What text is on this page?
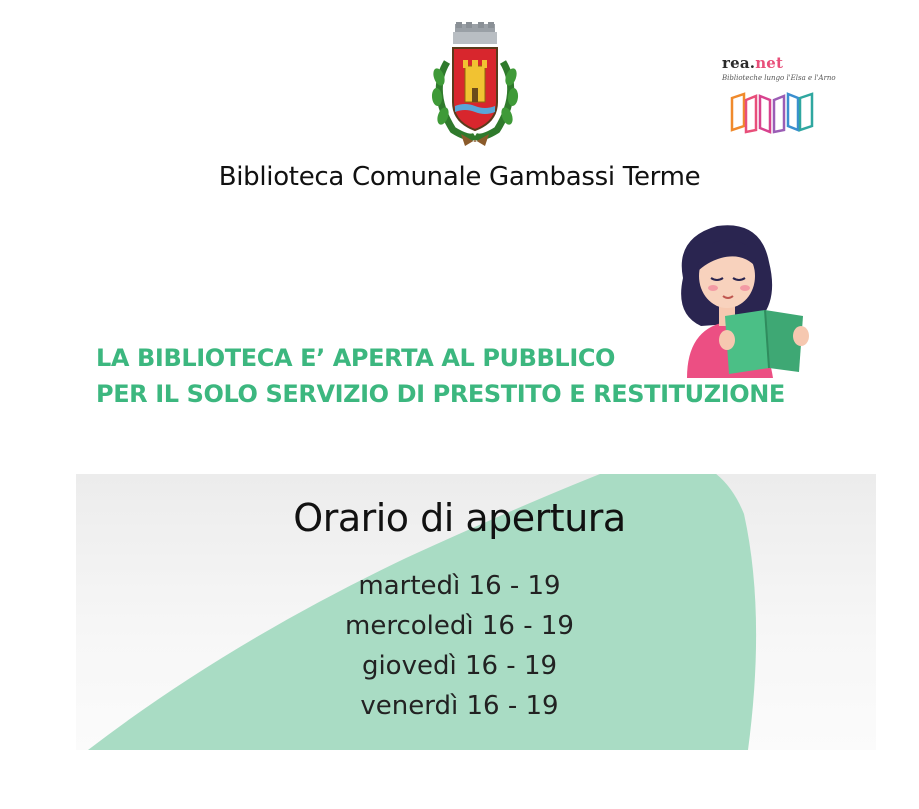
rea.net
Biblioteche lungo l'Elsa e l'Arno
Biblioteca Comunale Gambassi Terme
LA BIBLIOTECA E’ APERTA AL PUBBLICO
PER IL SOLO SERVIZIO DI PRESTITO E RESTITUZIONE
Orario di apertura
martedì 16 - 19
mercoledì 16 - 19
giovedì 16 - 19
venerdì 16 - 19
